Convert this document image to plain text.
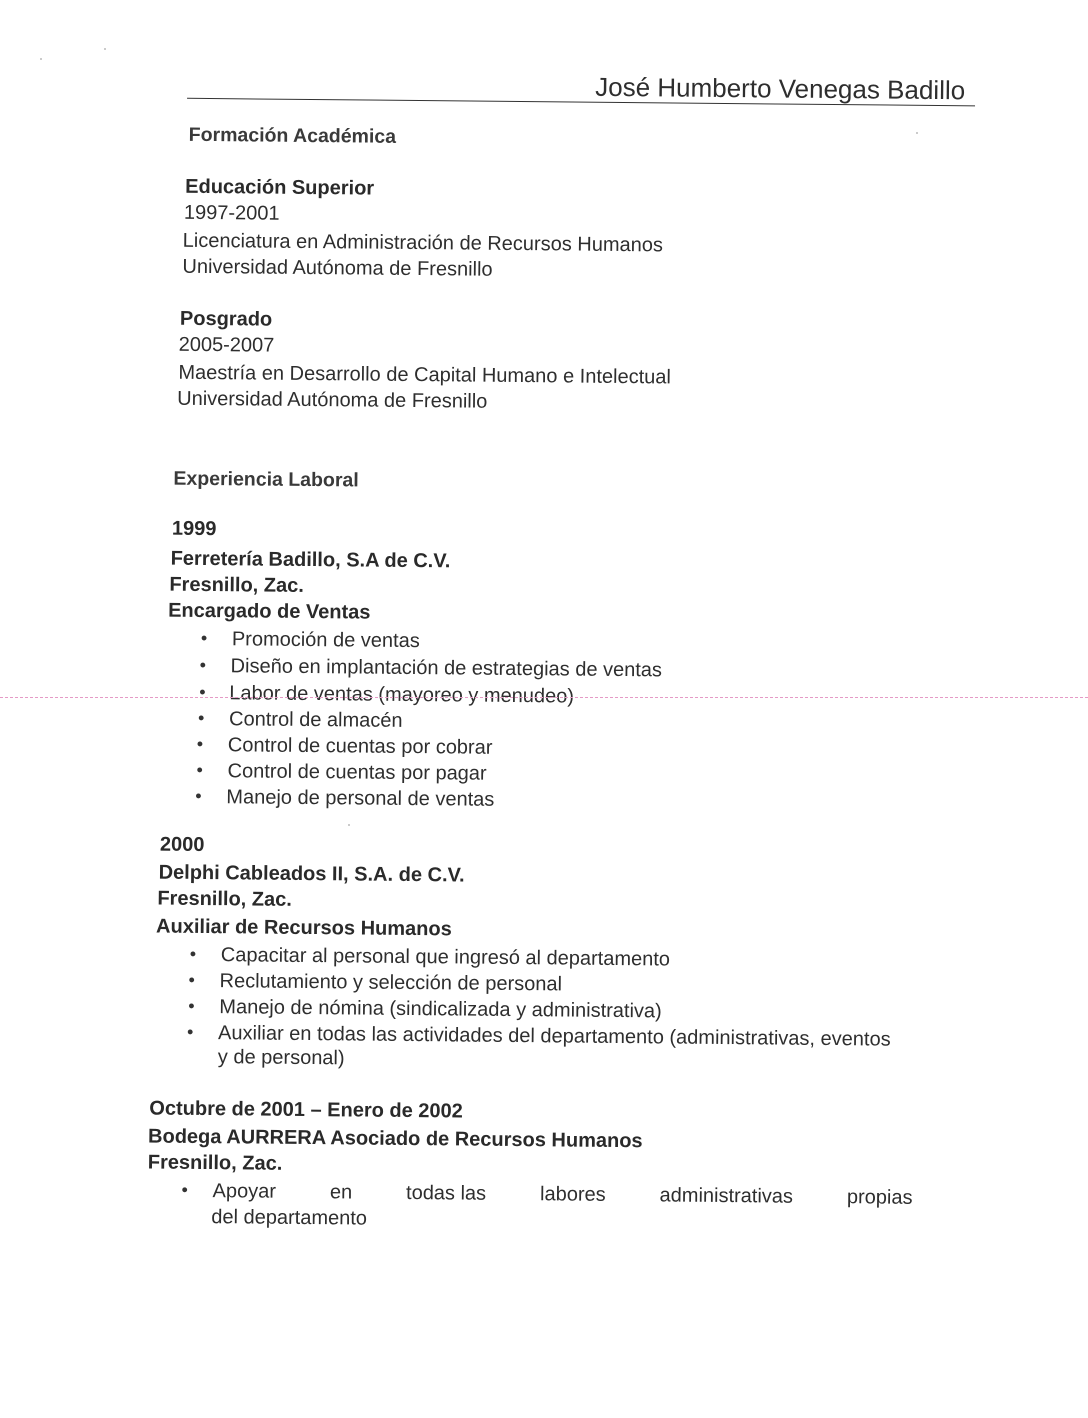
José Humberto Venegas Badillo
Formación Académica
Educación Superior
1997-2001
Licenciatura en Administración de Recursos Humanos
Universidad Autónoma de Fresnillo
Posgrado
2005-2007
Maestría en Desarrollo de Capital Humano e Intelectual
Universidad Autónoma de Fresnillo
Experiencia Laboral
1999
Ferretería Badillo, S.A de C.V.
Fresnillo, Zac.
Encargado de Ventas
• Promoción de ventas
• Diseño en implantación de estrategias de ventas
• Labor de ventas (mayoreo y menudeo)
• Control de almacén
• Control de cuentas por cobrar
• Control de cuentas por pagar
• Manejo de personal de ventas
2000
Delphi Cableados II, S.A. de C.V.
Fresnillo, Zac.
Auxiliar de Recursos Humanos
• Capacitar al personal que ingresó al departamento
• Reclutamiento y selección de personal
• Manejo de nómina (sindicalizada y administrativa)
• Auxiliar en todas las actividades del departamento (administrativas, eventos
y de personal)
Octubre de 2001 – Enero de 2002
Bodega AURRERA Asociado de Recursos Humanos
Fresnillo, Zac.
• Apoyar	en	todas las	labores	administrativas	propias
del departamento
